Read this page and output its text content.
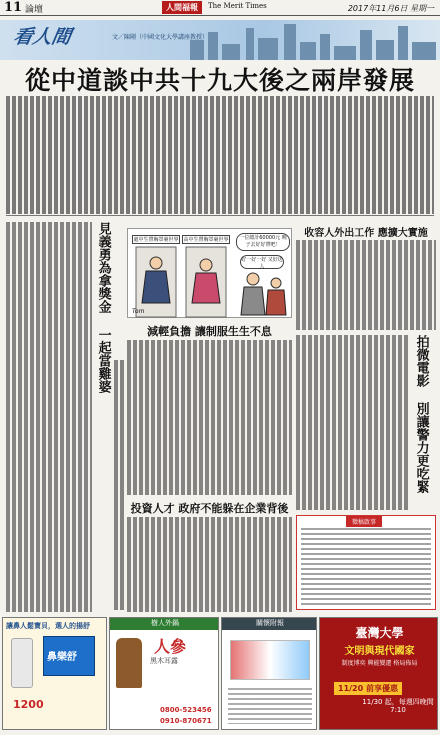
11 論壇	人間福報	The Merit Times	2017年11月6日 星期一
看人間	文／陳剛（中國文化大學講座教授）
從中道談中共十九大後之兩岸發展
見義勇為拿獎金 一起當雞婆	處中生帶胸罩裹世界 高中生帶胸罩裹世界	一位總計60000元 晚子去好好帶吧！
好一好一好 又好送人
Tom
收容人外出工作 應擴大實施
減輕負擔 讓制服生生不息
投資人才 政府不能躲在企業背後
拍微電影 別讓警力更吃緊
徵稿啟事
讓鼻人鬆寶貝，選人的揚舒
鼻樂舒
1200
樹人外鍋
人參
黑木耳露
0800-523456
0910-870671
關懷附報
臺灣大學
文明與現代國家
制度博奕 興能變遷 格局佈局
11/20 前享優惠
11/30 起，每週四晚間7:10
